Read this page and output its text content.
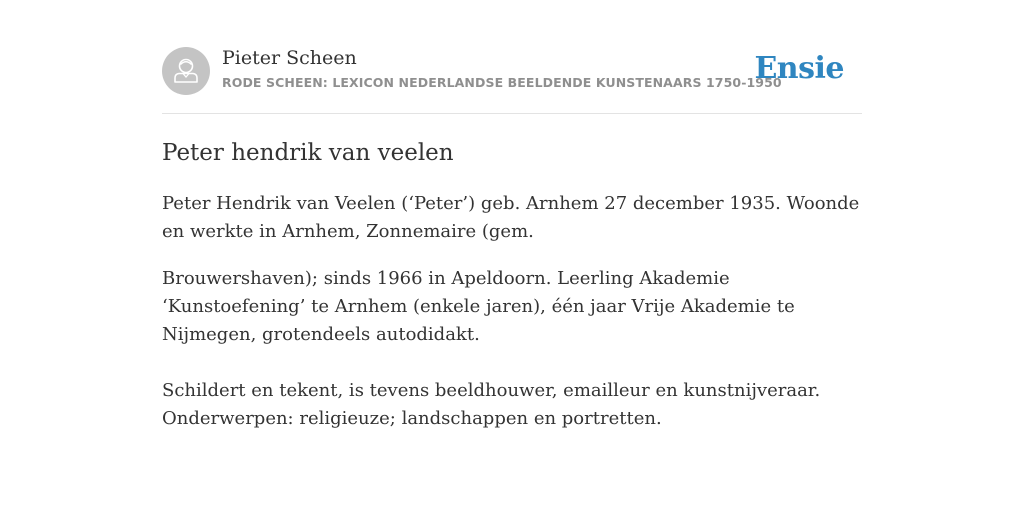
Pieter Scheen
RODE SCHEEN: LEXICON NEDERLANDSE BEELDENDE KUNSTENAARS 1750-1950
Ensie
Peter hendrik van veelen

Peter Hendrik van Veelen (‘Peter’) geb. Arnhem 27 december 1935. Woonde en werkte in Arnhem, Zonnemaire (gem.

Brouwershaven); sinds 1966 in Apeldoorn. Leerling Akademie ‘Kunstoefening’ te Arnhem (enkele jaren), één jaar Vrije Akademie te Nijmegen, grotendeels autodidakt.

Schildert en tekent, is tevens beeldhouwer, emailleur en kunstnijveraar. Onderwerpen: religieuze; landschappen en portretten.
